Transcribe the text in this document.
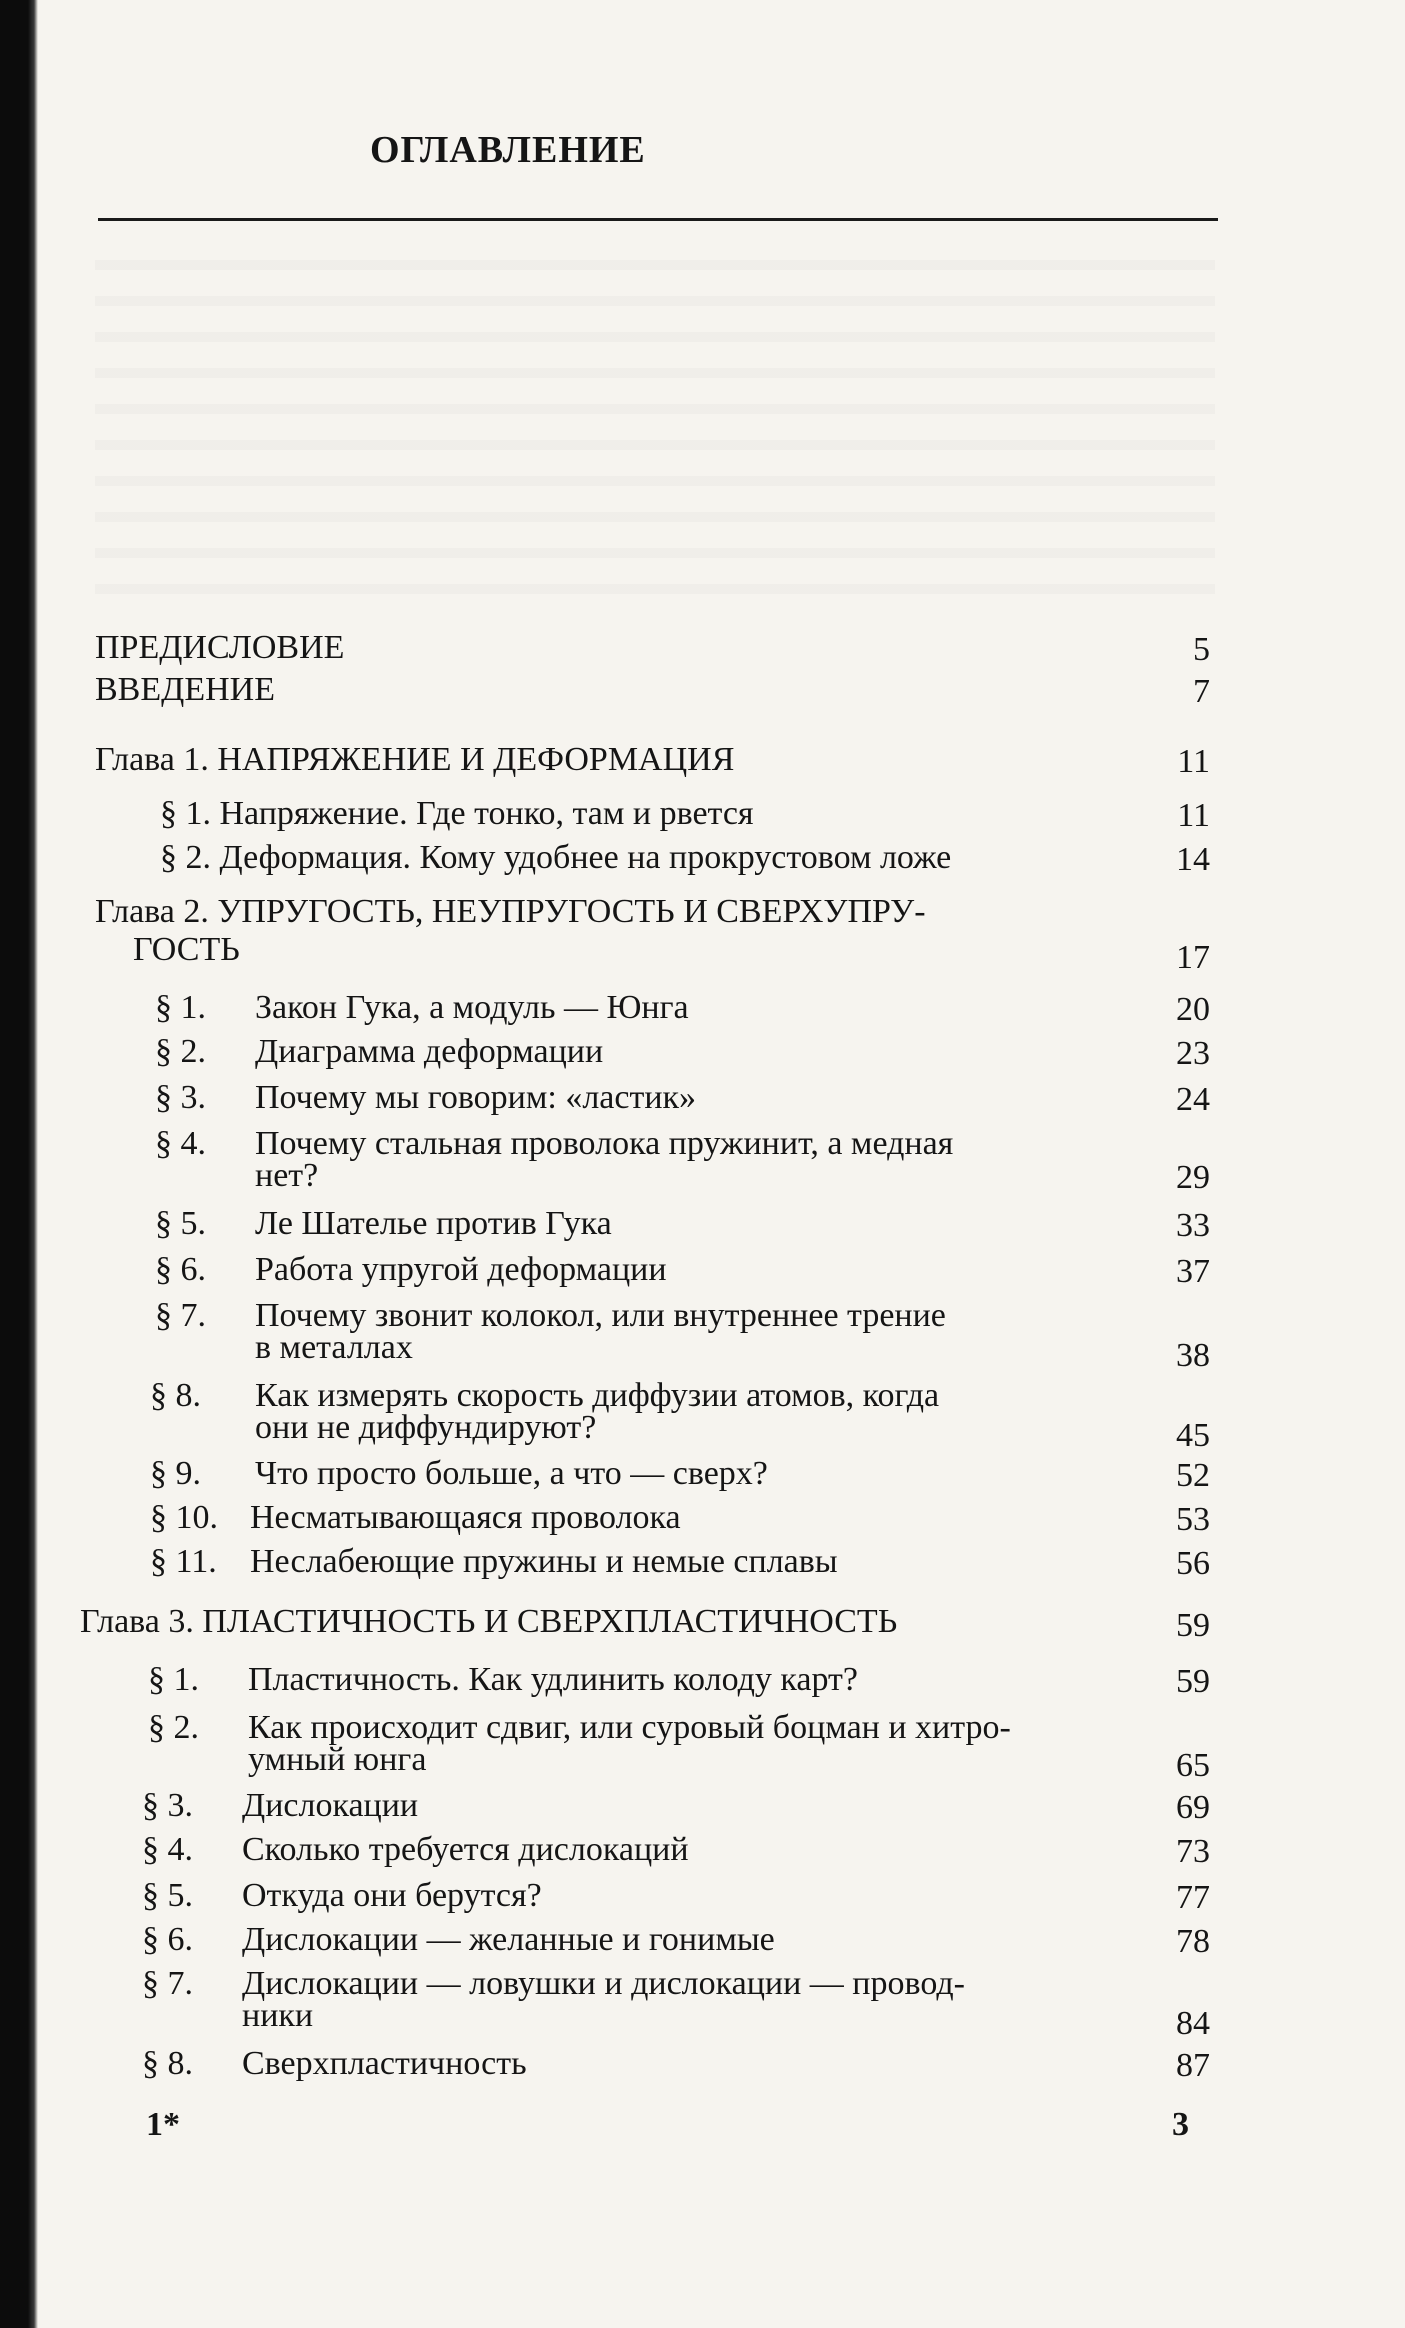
ОГЛАВЛЕНИЕ
ПРЕДИСЛОВИЕ	5
ВВЕДЕНИЕ	7
Глава 1. НАПРЯЖЕНИЕ И ДЕФОРМАЦИЯ	11
§ 1. Напряжение. Где тонко, там и рвется	11
§ 2. Деформация. Кому удобнее на прокрустовом ложе	14
Глава 2. УПРУГОСТЬ, НЕУПРУГОСТЬ И СВЕРХУПРУ-
ГОСТЬ	17
§ 1. Закон Гука, а модуль — Юнга	20
§ 2. Диаграмма деформации	23
§ 3. Почему мы говорим: «ластик»	24
§ 4. Почему стальная проволока пружинит, а медная
нет?	29
§ 5. Ле Шателье против Гука	33
§ 6. Работа упругой деформации	37
§ 7. Почему звонит колокол, или внутреннее трение
в металлах	38
§ 8. Как измерять скорость диффузии атомов, когда
они не диффундируют?	45
§ 9. Что просто больше, а что — сверх?	52
§ 10. Несматывающаяся проволока	53
§ 11. Неслабеющие пружины и немые сплавы	56
Глава 3. ПЛАСТИЧНОСТЬ И СВЕРХПЛАСТИЧНОСТЬ	59
§ 1. Пластичность. Как удлинить колоду карт?	59
§ 2. Как происходит сдвиг, или суровый боцман и хитро-
умный юнга	65
§ 3. Дислокации	69
§ 4. Сколько требуется дислокаций	73
§ 5. Откуда они берутся?	77
§ 6. Дислокации — желанные и гонимые	78
§ 7. Дислокации — ловушки и дислокации — провод-
ники	84
§ 8. Сверхпластичность	87
1*	3
